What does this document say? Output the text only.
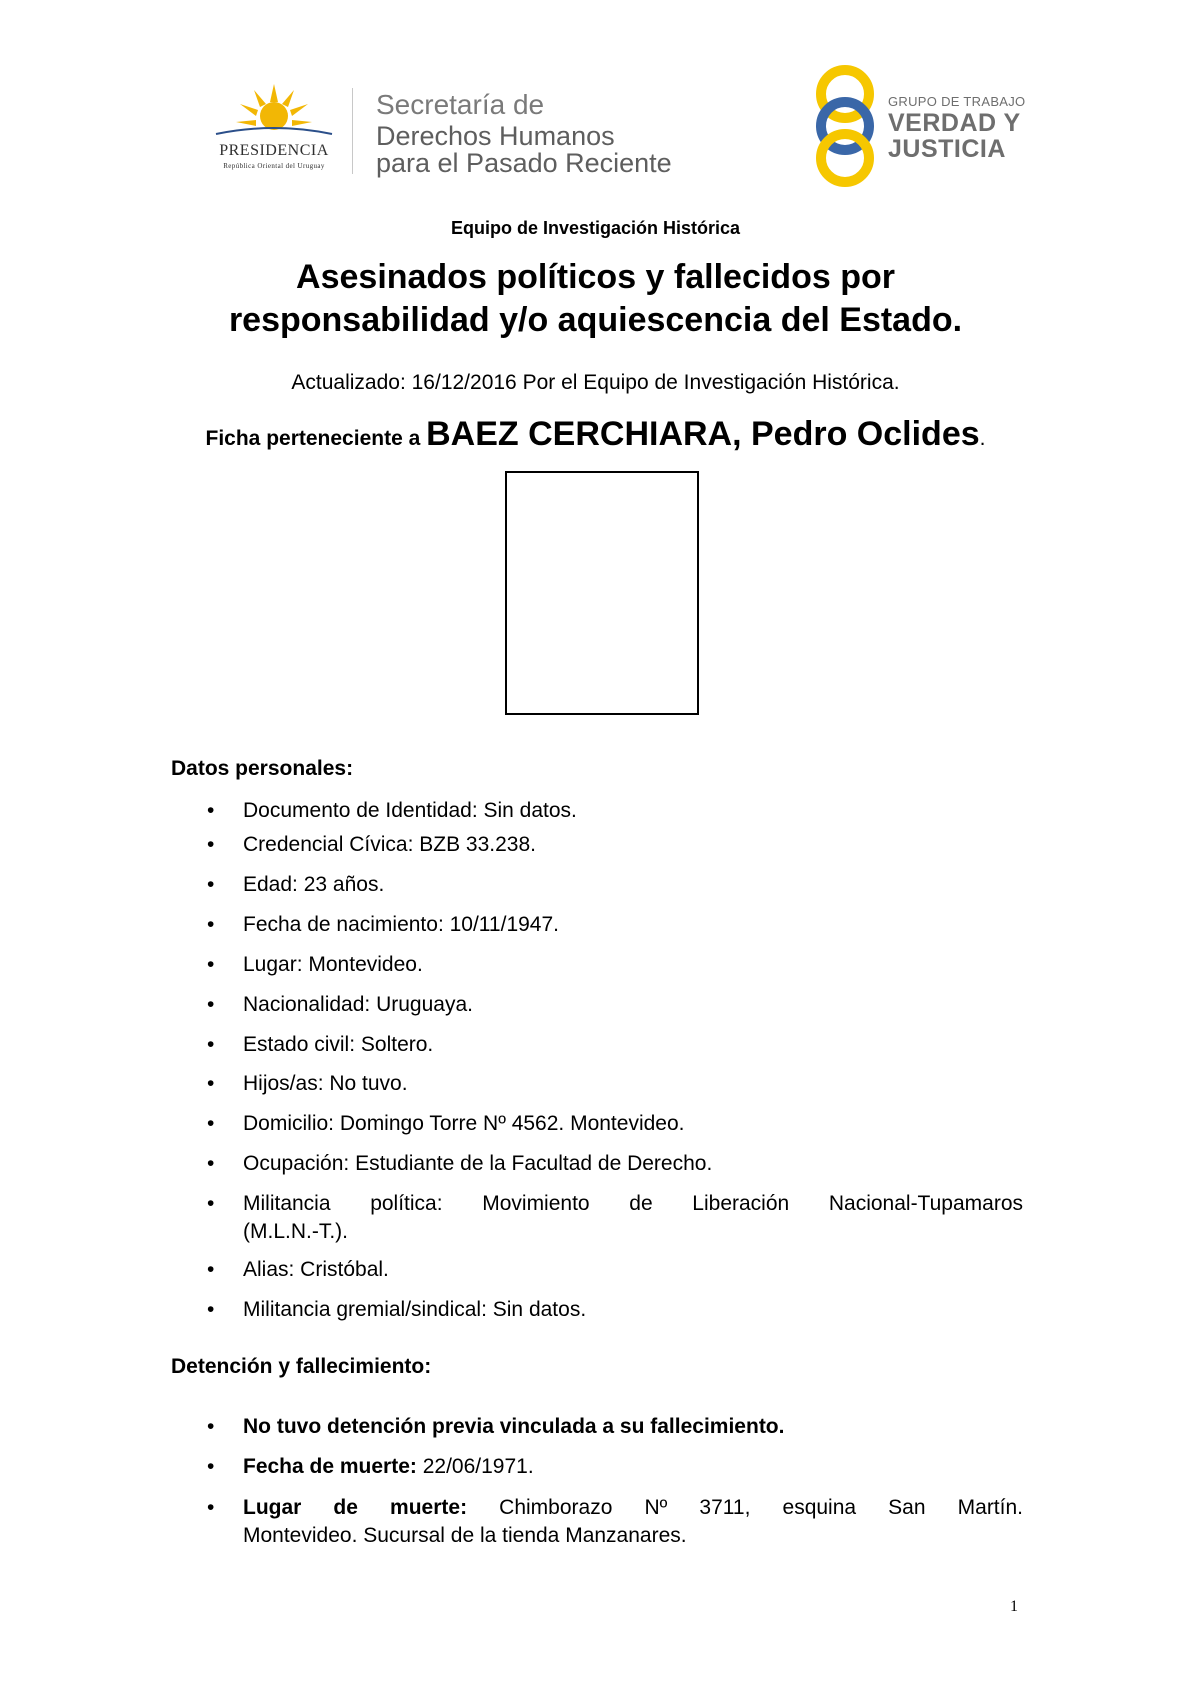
PRESIDENCIA
República Oriental del Uruguay
Secretaría de
Derechos Humanos
para el Pasado Reciente
GRUPO DE TRABAJO
VERDAD Y
JUSTICIA
Equipo de Investigación Histórica
Asesinados políticos y fallecidos por
responsabilidad y/o aquiescencia del Estado.
Actualizado: 16/12/2016 Por el Equipo de Investigación Histórica.
Ficha perteneciente a BAEZ CERCHIARA, Pedro Oclides.
Datos personales:
• Documento de Identidad: Sin datos.
• Credencial Cívica: BZB 33.238.
• Edad: 23 años.
• Fecha de nacimiento: 10/11/1947.
• Lugar: Montevideo.
• Nacionalidad: Uruguaya.
• Estado civil: Soltero.
• Hijos/as: No tuvo.
• Domicilio: Domingo Torre Nº 4562. Montevideo.
• Ocupación: Estudiante de la Facultad de Derecho.
• Militancia política: Movimiento de Liberación Nacional-Tupamaros
(M.L.N.-T.).
• Alias: Cristóbal.
• Militancia gremial/sindical: Sin datos.
Detención y fallecimiento:
• No tuvo detención previa vinculada a su fallecimiento.
• Fecha de muerte: 22/06/1971.
• Lugar de muerte: Chimborazo Nº 3711, esquina San Martín.
Montevideo. Sucursal de la tienda Manzanares.
1
